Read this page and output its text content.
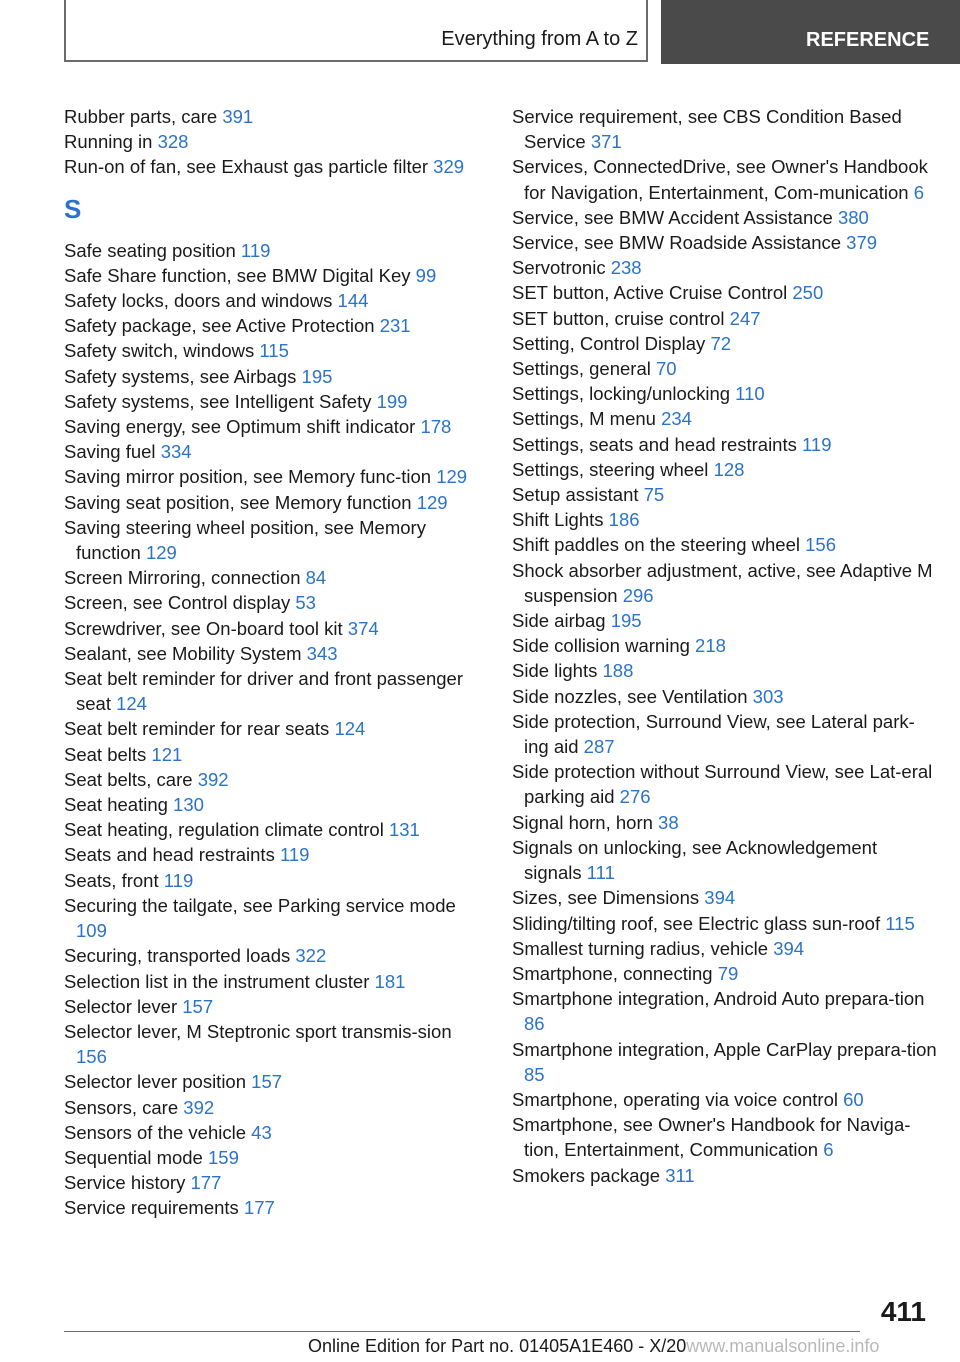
Everything from A to Z	REFERENCE
Rubber parts, care 391
Running in 328
Run-on of fan, see Exhaust gas particle filter 329
S
Safe seating position 119
Safe Share function, see BMW Digital Key 99
Safety locks, doors and windows 144
Safety package, see Active Protection 231
Safety switch, windows 115
Safety systems, see Airbags 195
Safety systems, see Intelligent Safety 199
Saving energy, see Optimum shift indicator 178
Saving fuel 334
Saving mirror position, see Memory func-tion 129
Saving seat position, see Memory function 129
Saving steering wheel position, see Memory function 129
Screen Mirroring, connection 84
Screen, see Control display 53
Screwdriver, see On-board tool kit 374
Sealant, see Mobility System 343
Seat belt reminder for driver and front passenger seat 124
Seat belt reminder for rear seats 124
Seat belts 121
Seat belts, care 392
Seat heating 130
Seat heating, regulation climate control 131
Seats and head restraints 119
Seats, front 119
Securing the tailgate, see Parking service mode 109
Securing, transported loads 322
Selection list in the instrument cluster 181
Selector lever 157
Selector lever, M Steptronic sport transmis-sion 156
Selector lever position 157
Sensors, care 392
Sensors of the vehicle 43
Sequential mode 159
Service history 177
Service requirements 177
Service requirement, see CBS Condition Based Service 371
Services, ConnectedDrive, see Owner's Handbook for Navigation, Entertainment, Com-munication 6
Service, see BMW Accident Assistance 380
Service, see BMW Roadside Assistance 379
Servotronic 238
SET button, Active Cruise Control 250
SET button, cruise control 247
Setting, Control Display 72
Settings, general 70
Settings, locking/unlocking 110
Settings, M menu 234
Settings, seats and head restraints 119
Settings, steering wheel 128
Setup assistant 75
Shift Lights 186
Shift paddles on the steering wheel 156
Shock absorber adjustment, active, see Adaptive M suspension 296
Side airbag 195
Side collision warning 218
Side lights 188
Side nozzles, see Ventilation 303
Side protection, Surround View, see Lateral park-ing aid 287
Side protection without Surround View, see Lat-eral parking aid 276
Signal horn, horn 38
Signals on unlocking, see Acknowledgement signals 111
Sizes, see Dimensions 394
Sliding/tilting roof, see Electric glass sun-roof 115
Smallest turning radius, vehicle 394
Smartphone, connecting 79
Smartphone integration, Android Auto prepara-tion 86
Smartphone integration, Apple CarPlay prepara-tion 85
Smartphone, operating via voice control 60
Smartphone, see Owner's Handbook for Naviga-tion, Entertainment, Communication 6
Smokers package 311
411
Online Edition for Part no. 01405A1E460 - X/20www.manualsonline.info
